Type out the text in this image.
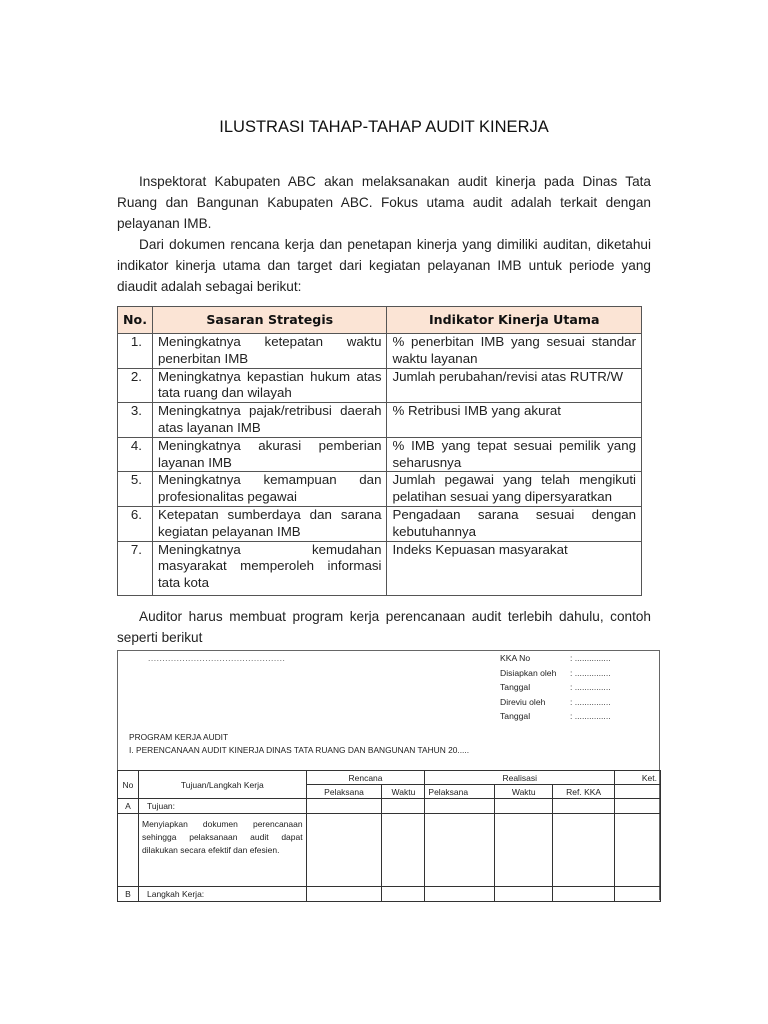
ILUSTRASI TAHAP-TAHAP AUDIT KINERJA
Inspektorat Kabupaten ABC akan melaksanakan audit kinerja pada Dinas Tata Ruang dan Bangunan Kabupaten ABC. Fokus utama audit adalah terkait dengan pelayanan IMB.
Dari dokumen rencana kerja dan penetapan kinerja yang dimiliki auditan, diketahui indikator kinerja utama dan target dari kegiatan pelayanan IMB untuk periode yang diaudit adalah sebagai berikut:
No.	Sasaran Strategis	Indikator Kinerja Utama
1.	Meningkatnya ketepatan waktu penerbitan IMB	% penerbitan IMB yang sesuai standar waktu layanan
2.	Meningkatnya kepastian hukum atas tata ruang dan wilayah	Jumlah perubahan/revisi atas RUTR/W
3.	Meningkatnya pajak/retribusi daerah atas layanan IMB	% Retribusi IMB yang akurat
4.	Meningkatnya akurasi pemberian layanan IMB	% IMB yang tepat sesuai pemilik yang seharusnya
5.	Meningkatnya kemampuan dan profesionalitas pegawai	Jumlah pegawai yang telah mengikuti pelatihan sesuai yang dipersyaratkan
6.	Ketepatan sumberdaya dan sarana kegiatan pelayanan IMB	Pengadaan sarana sesuai dengan kebutuhannya
7.	Meningkatnya kemudahan masyarakat memperoleh informasi tata kota	Indeks Kepuasan masyarakat
Auditor harus membuat program kerja perencanaan audit terlebih dahulu, contoh seperti berikut
................................................	KKA No	: ...............
Disiapkan oleh	: ...............
Tanggal	: ...............
Direviu oleh	: ...............
Tanggal	: ...............
PROGRAM KERJA AUDIT
I. PERENCANAAN AUDIT KINERJA DINAS TATA RUANG DAN BANGUNAN TAHUN 20.....
No	Tujuan/Langkah Kerja	Rencana		Realisasi			Ket.
		Pelaksana	Waktu	Pelaksana	Waktu	Ref. KKA	
A	Tujuan:						
	Menyiapkan dokumen perencanaan sehingga pelaksanaan audit dapat dilakukan secara efektif dan efesien.						
B	Langkah Kerja:						
